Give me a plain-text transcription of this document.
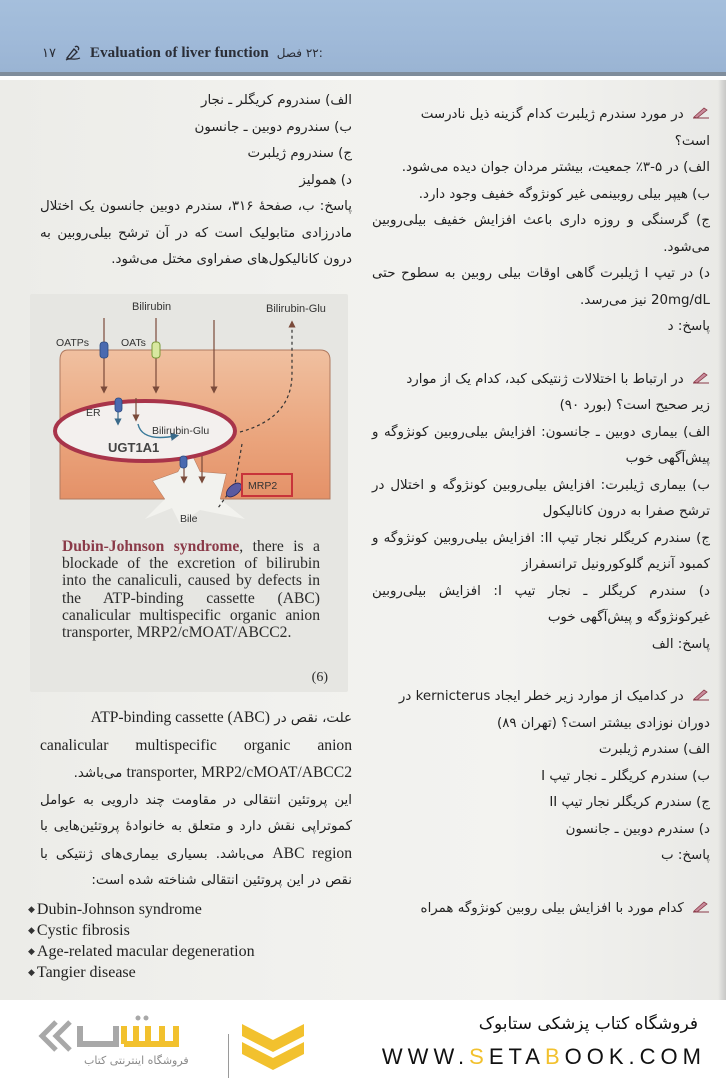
۱۷ Evaluation of liver function :۲۲ فصل
در مورد سندرم ژیلبرت کدام گزینه ذیل نادرست
است؟
الف) در ۵-۳٪ جمعیت، بیشتر مردان جوان دیده می‌شود.
ب) هیپر بیلی روبینمی غیر کونژوگه خفیف وجود دارد.
ج) گرسنگی و روزه داری باعث افزایش خفیف بیلی‌روبین می‌شود.
د) در تیپ I ژیلبرت گاهی اوقات بیلی روبین به سطوح حتی 20mg/dL نیز می‌رسد.
پاسخ: د
در ارتباط با اختلالات ژنتیکی کبد، کدام یک از موارد
زیر صحیح است؟ (بورد ۹۰)
الف) بیماری دوبین ـ جانسون: افزایش بیلی‌روبین کونژوگه و پیش‌آگهی خوب
ب) بیماری ژیلبرت: افزایش بیلی‌روبین کونژوگه و اختلال در ترشح صفرا به درون کانالیکول
ج) سندرم کریگلر نجار تیپ II: افزایش بیلی‌روبین کونژوگه و کمبود آنزیم گلوکورونیل ترانسفراز
د) سندرم کریگلر ـ نجار تیپ I: افزایش بیلی‌روبین غیرکونژوگه و پیش‌آگهی خوب
پاسخ: الف
در کدامیک از موارد زیر خطر ایجاد kernicterus در
دوران نوزادی بیشتر است؟ (تهران ۸۹)
الف) سندرم ژیلبرت
ب) سندرم کریگلر ـ نجار تیپ I
ج) سندرم کریگلر نجار تیپ II
د) سندرم دوبین ـ جانسون
پاسخ: ب
کدام مورد با افزایش بیلی روبین کونژوگه همراه
الف) سندروم کریگلر ـ نجار
ب) سندروم دوبین ـ جانسون
ج) سندروم ژیلبرت
د) همولیز
پاسخ: ب، صفحهٔ ۳۱۶، سندرم دوبین جانسون یک اختلال مادرزادی متابولیک است که در آن ترشح بیلی‌روبین به درون کانالیکول‌های صفراوی مختل می‌شود.
Bilirubin	Bilirubin-Glu
OATPs	OATs
ER
Bilirubin-Glu
UGT1A1
MRP2
Bile
Dubin-Johnson syndrome, there is a blockade of the excretion of bilirubin into the canaliculi, caused by defects in the ATP-binding cassette (ABC) canalicular multispecific organic anion transporter, MRP2/cMOAT/ABCC2.
(6)
علت، نقص در ATP-binding cassette (ABC)
canalicular multispecific organic anion
transporter, MRP2/cMOAT/ABCC2 می‌باشد.
این پروتئین انتقالی در مقاومت چند دارویی به عوامل کموتراپی نقش دارد و متعلق به خانوادهٔ پروتئین‌هایی با ABC region می‌باشد. بسیاری بیماری‌های ژنتیکی با نقص در این پروتئین انتقالی شناخته شده است:
◆ Dubin-Johnson syndrome
◆ Cystic fibrosis
◆ Age-related macular degeneration
◆ Tangier disease
فروشگاه اینترنتی کتاب
فروشگاه کتاب پزشکی ستابوک
WWW.SETABOOK.COM
